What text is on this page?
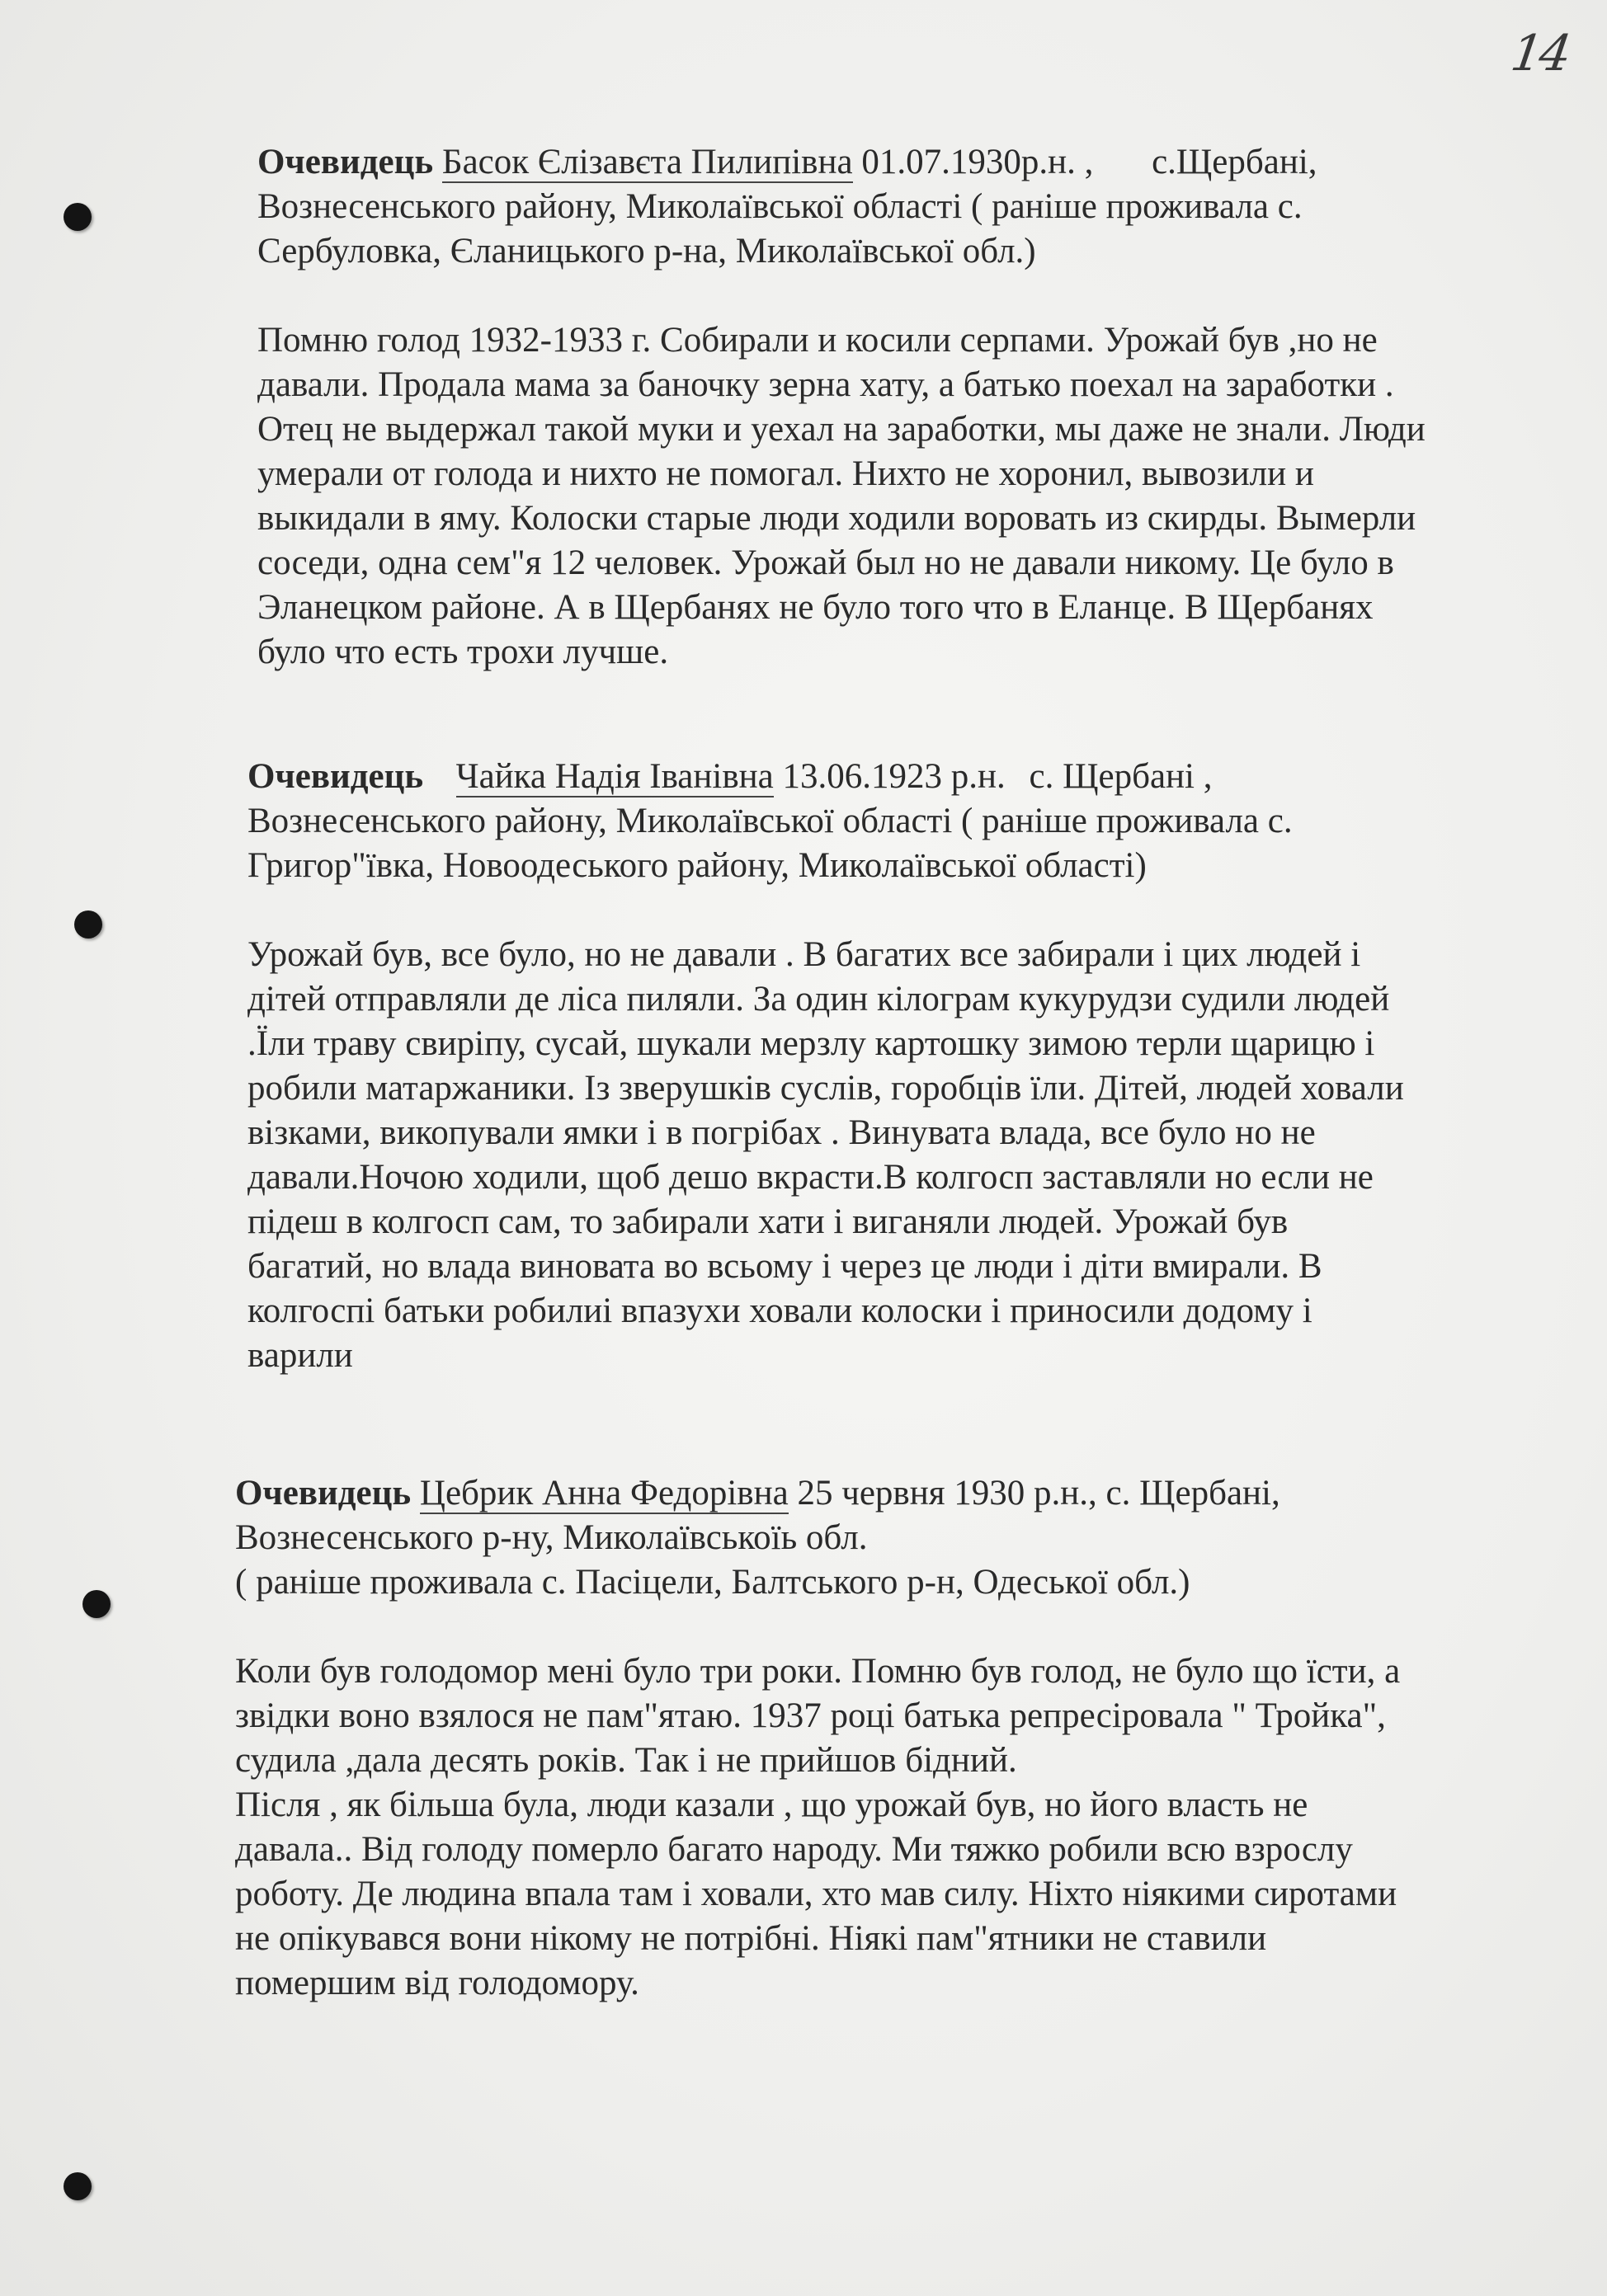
14
Очевидець Басок Єлізавєта Пилипівна 01.07.1930р.н. , с.Щербані,
Вознесенського району, Миколаївської області ( раніше проживала с.
Сербуловка, Єланицького р-на, Миколаївської обл.)
Помню голод 1932-1933 г. Собирали и косили серпами. Урожай був ,но не
давали. Продала мама за баночку зерна хату, а батько поехал на заработки .
Отец не выдержал такой муки и уехал на заработки, мы даже не знали. Люди
умерали от голода и нихто не помогал. Нихто не хоронил, вывозили и
выкидали в яму. Колоски старые люди ходили воровать из скирды. Вымерли
соседи, одна сем"я 12 человек. Урожай был но не давали никому. Це було в
Эланецком районе. А в Щербанях не було того что в Еланце. В Щербанях
було что есть трохи лучше.
Очевидець Чайка Надія Іванівна 13.06.1923 р.н. с. Щербані ,
Вознесенського району, Миколаївської області ( раніше проживала с.
Григор"ївка, Новоодеського району, Миколаївської області)
Урожай був, все було, но не давали . В багатих все забирали і цих людей і
дітей отправляли де ліса пиляли. За один кілограм кукурудзи судили людей
.Їли траву свиріпу, сусай, шукали мерзлу картошку зимою терли щарицю і
робили матаржаники. Із зверушків суслів, горобців їли. Дітей, людей ховали
візками, викопували ямки і в погрібах . Винувата влада, все було но не
давали.Ночою ходили, щоб дешо вкрасти.В колгосп заставляли но если не
підеш в колгосп сам, то забирали хати і виганяли людей. Урожай був
багатий, но влада виновата во всьому і через це люди і діти вмирали. В
колгоспі батьки робилиі впазухи ховали колоски і приносили додому і
варили
Очевидець Цебрик Анна Федорівна 25 червня 1930 р.н., с. Щербані,
Вознесенського р-ну, Миколаївськоїь обл.
( раніше проживала с. Пасіцели, Балтського р-н, Одеської обл.)
Коли був голодомор мені було три роки. Помню був голод, не було що їсти, а
звідки воно взялося не пам"ятаю. 1937 році батька репресіровала " Тройка",
судила ,дала десять років. Так і не прийшов бідний.
Після , як більша була, люди казали , що урожай був, но його власть не
давала.. Від голоду померло багато народу. Ми тяжко робили всю взрослу
роботу. Де людина впала там і ховали, хто мав силу. Ніхто ніякими сиротами
не опікувався вони нікому не потрібні. Ніякі пам"ятники не ставили
помершим від голодомору.
